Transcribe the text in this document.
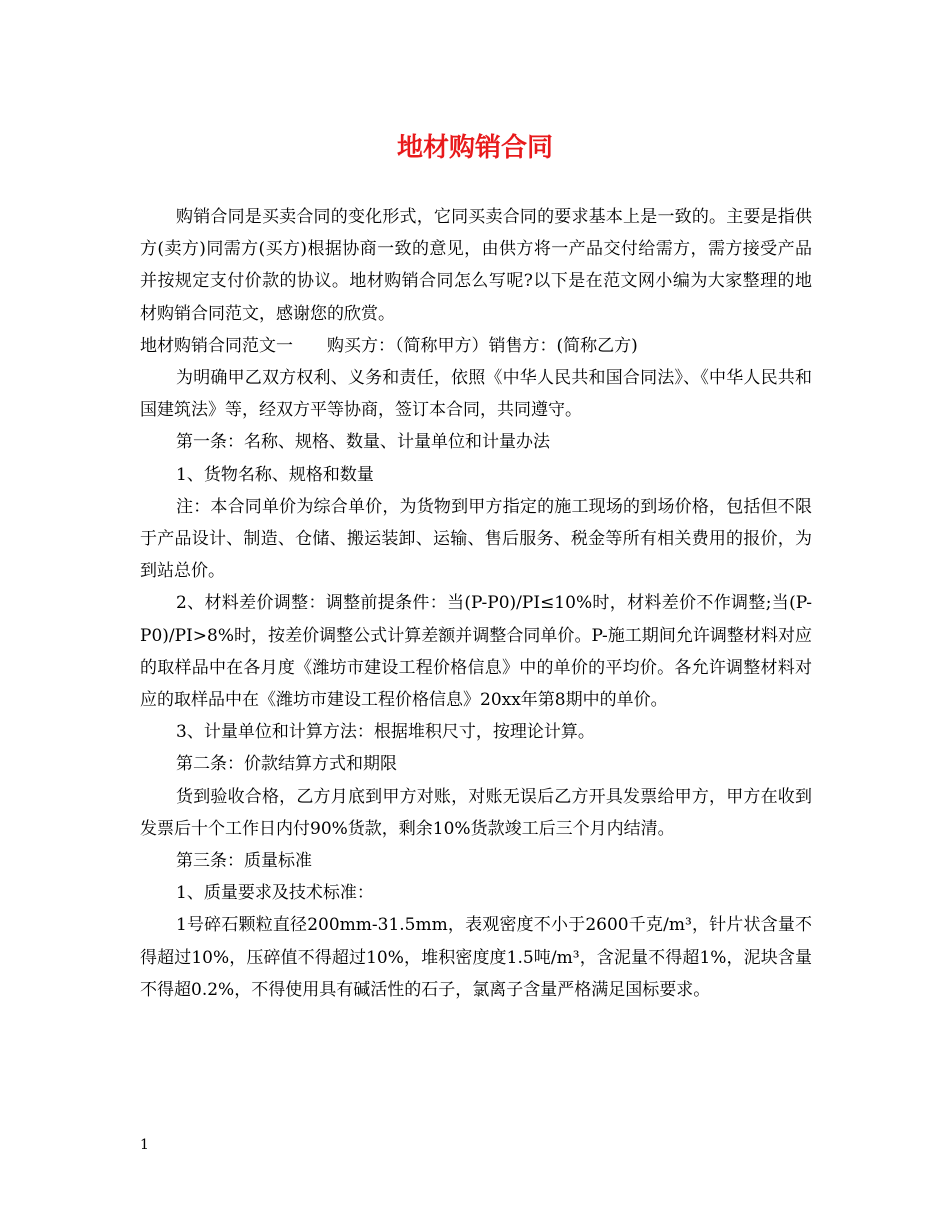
地材购销合同

购销合同是买卖合同的变化形式，它同买卖合同的要求基本上是一致的。主要是指供方(卖方)同需方(买方)根据协商一致的意见，由供方将一产品交付给需方，需方接受产品并按规定支付价款的协议。地材购销合同怎么写呢?以下是在范文网小编为大家整理的地材购销合同范文，感谢您的欣赏。

地材购销合同范文一　　购买方：（简称甲方）销售方：(简称乙方)

为明确甲乙双方权利、义务和责任，依照《中华人民共和国合同法》、《中华人民共和国建筑法》等，经双方平等协商，签订本合同，共同遵守。

第一条：名称、规格、数量、计量单位和计量办法

1、货物名称、规格和数量

注：本合同单价为综合单价，为货物到甲方指定的施工现场的到场价格，包括但不限于产品设计、制造、仓储、搬运装卸、运输、售后服务、税金等所有相关费用的报价，为到站总价。

2、材料差价调整：调整前提条件：当(P-P0)/PI≤10%时，材料差价不作调整;当(P-P0)/PI>8%时，按差价调整公式计算差额并调整合同单价。P-施工期间允许调整材料对应的取样品中在各月度《潍坊市建设工程价格信息》中的单价的平均价。各允许调整材料对应的取样品中在《潍坊市建设工程价格信息》20xx年第8期中的单价。

3、计量单位和计算方法：根据堆积尺寸，按理论计算。

第二条：价款结算方式和期限

货到验收合格，乙方月底到甲方对账，对账无误后乙方开具发票给甲方，甲方在收到发票后十个工作日内付90%货款，剩余10%货款竣工后三个月内结清。

第三条：质量标准

1、质量要求及技术标准：

1号碎石颗粒直径200mm-31.5mm，表观密度不小于2600千克/m³，针片状含量不得超过10%，压碎值不得超过10%，堆积密度度1.5吨/m³，含泥量不得超1%，泥块含量不得超0.2%，不得使用具有碱活性的石子，氯离子含量严格满足国标要求。

1
